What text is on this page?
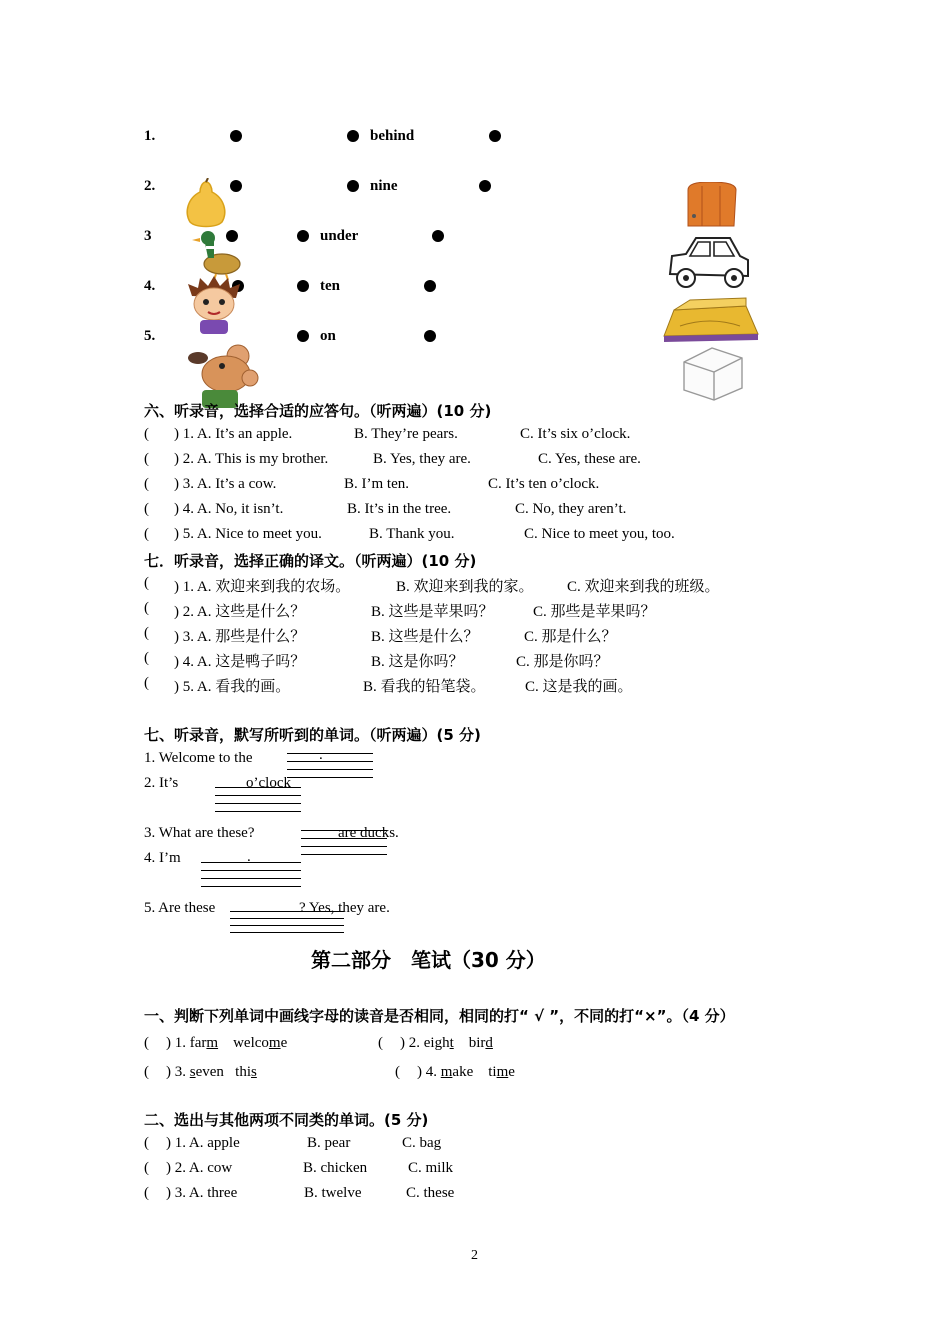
1.	behind
2.	nine
3	under
4.	ten
5.	on
六、听录音，选择合适的应答句。（听两遍）(10 分)
( ) 1. A. It’s an apple.	B. They’re pears.	C. It’s six o’clock.
( ) 2. A. This is my brother.	B. Yes, they are.	C. Yes, these are.
( ) 3. A. It’s a cow.	B. I’m ten.	C. It’s ten o’clock.
( ) 4. A. No, it isn’t.	B. It’s in the tree.	C. No, they aren’t.
( ) 5. A. Nice to meet you.	B. Thank you.	C. Nice to meet you, too.
七．听录音，选择正确的译文。（听两遍）(10 分)
( ) 1. A. 欢迎来到我的农场。	B. 欢迎来到我的家。 C. 欢迎来到我的班级。
( ) 2. A. 这些是什么？	B. 这些是苹果吗？	C. 那些是苹果吗？
( ) 3. A. 那些是什么？	B. 这些是什么？	C. 那是什么？
( ) 4. A. 这是鸭子吗？	B. 这是你吗？	C. 那是你吗？
( ) 5. A. 看我的画。	B. 看我的铅笔袋。	C. 这是我的画。
七、听录音，默写所听到的单词。（听两遍）(5 分)
1. Welcome to the	.
2. It’s	o’clock
3. What are these?	are ducks.
4. I’m	.
5. Are these	? Yes, they are.
第二部分　笔试（30 分）
一、判断下列单词中画线字母的读音是否相同，相同的打“ √ ”，不同的打“×”。（4 分）
( ) 1. farm welcome	( ) 2. eight bird
( ) 3. seven   this	( ) 4. make    time
二、选出与其他两项不同类的单词。(5 分)
( ) 1. A. apple	B. pear	C. bag
( ) 2. A. cow	B. chicken	C. milk
( ) 3. A. three	B. twelve	C. these
2
